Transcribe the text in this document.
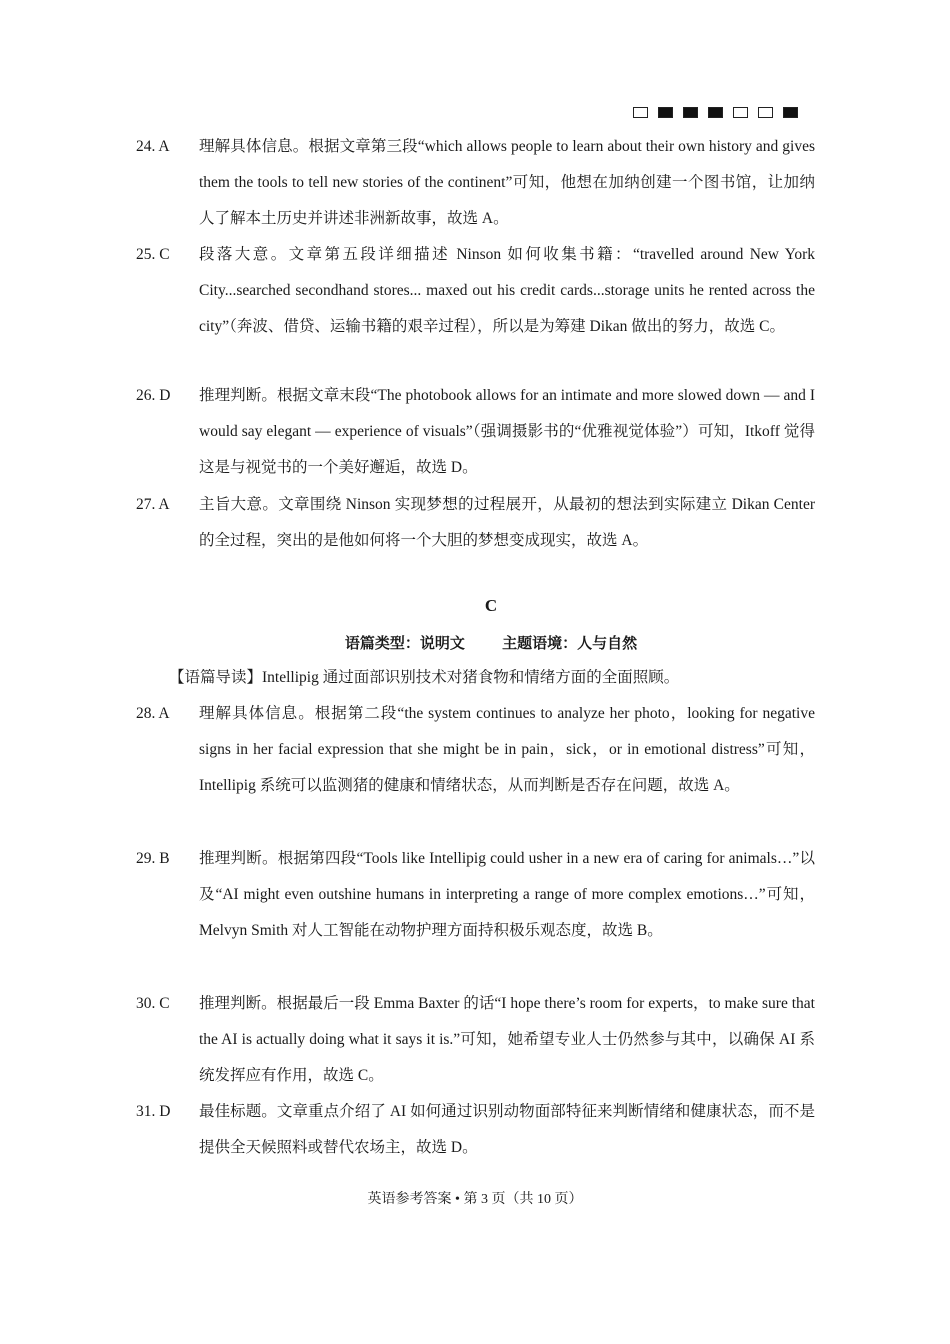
24. A 理解具体信息。根据文章第三段“which allows people to learn about their own history and gives them the tools to tell new stories of the continent”可知，他想在加纳创建一个图书馆，让加纳人了解本土历史并讲述非洲新故事，故选 A。
25. C 段落大意。文章第五段详细描述 Ninson 如何收集书籍：“travelled around New York City...searched secondhand stores... maxed out his credit cards...storage units he rented across the city”（奔波、借贷、运输书籍的艰辛过程），所以是为筹建 Dikan 做出的努力，故选 C。
26. D 推理判断。根据文章末段“The photobook allows for an intimate and more slowed down — and I would say elegant — experience of visuals”（强调摄影书的“优雅视觉体验”）可知，Itkoff 觉得这是与视觉书的一个美好邂逅，故选 D。
27. A 主旨大意。文章围绕 Ninson 实现梦想的过程展开，从最初的想法到实际建立 Dikan Center 的全过程，突出的是他如何将一个大胆的梦想变成现实，故选 A。
C
语篇类型：说明文 主题语境：人与自然
【语篇导读】Intellipig 通过面部识别技术对猪食物和情绪方面的全面照顾。
28. A 理解具体信息。根据第二段“the system continues to analyze her photo，looking for negative signs in her facial expression that she might be in pain，sick，or in emotional distress”可知，Intellipig 系统可以监测猪的健康和情绪状态，从而判断是否存在问题，故选 A。
29. B 推理判断。根据第四段“Tools like Intellipig could usher in a new era of caring for animals…”以及“AI might even outshine humans in interpreting a range of more complex emotions…”可知，Melvyn Smith 对人工智能在动物护理方面持积极乐观态度，故选 B。
30. C 推理判断。根据最后一段 Emma Baxter 的话“I hope there’s room for experts，to make sure that the AI is actually doing what it says it is.”可知，她希望专业人士仍然参与其中，以确保 AI 系统发挥应有作用，故选 C。
31. D 最佳标题。文章重点介绍了 AI 如何通过识别动物面部特征来判断情绪和健康状态，而不是提供全天候照料或替代农场主，故选 D。
英语参考答案 • 第 3 页（共 10 页）
